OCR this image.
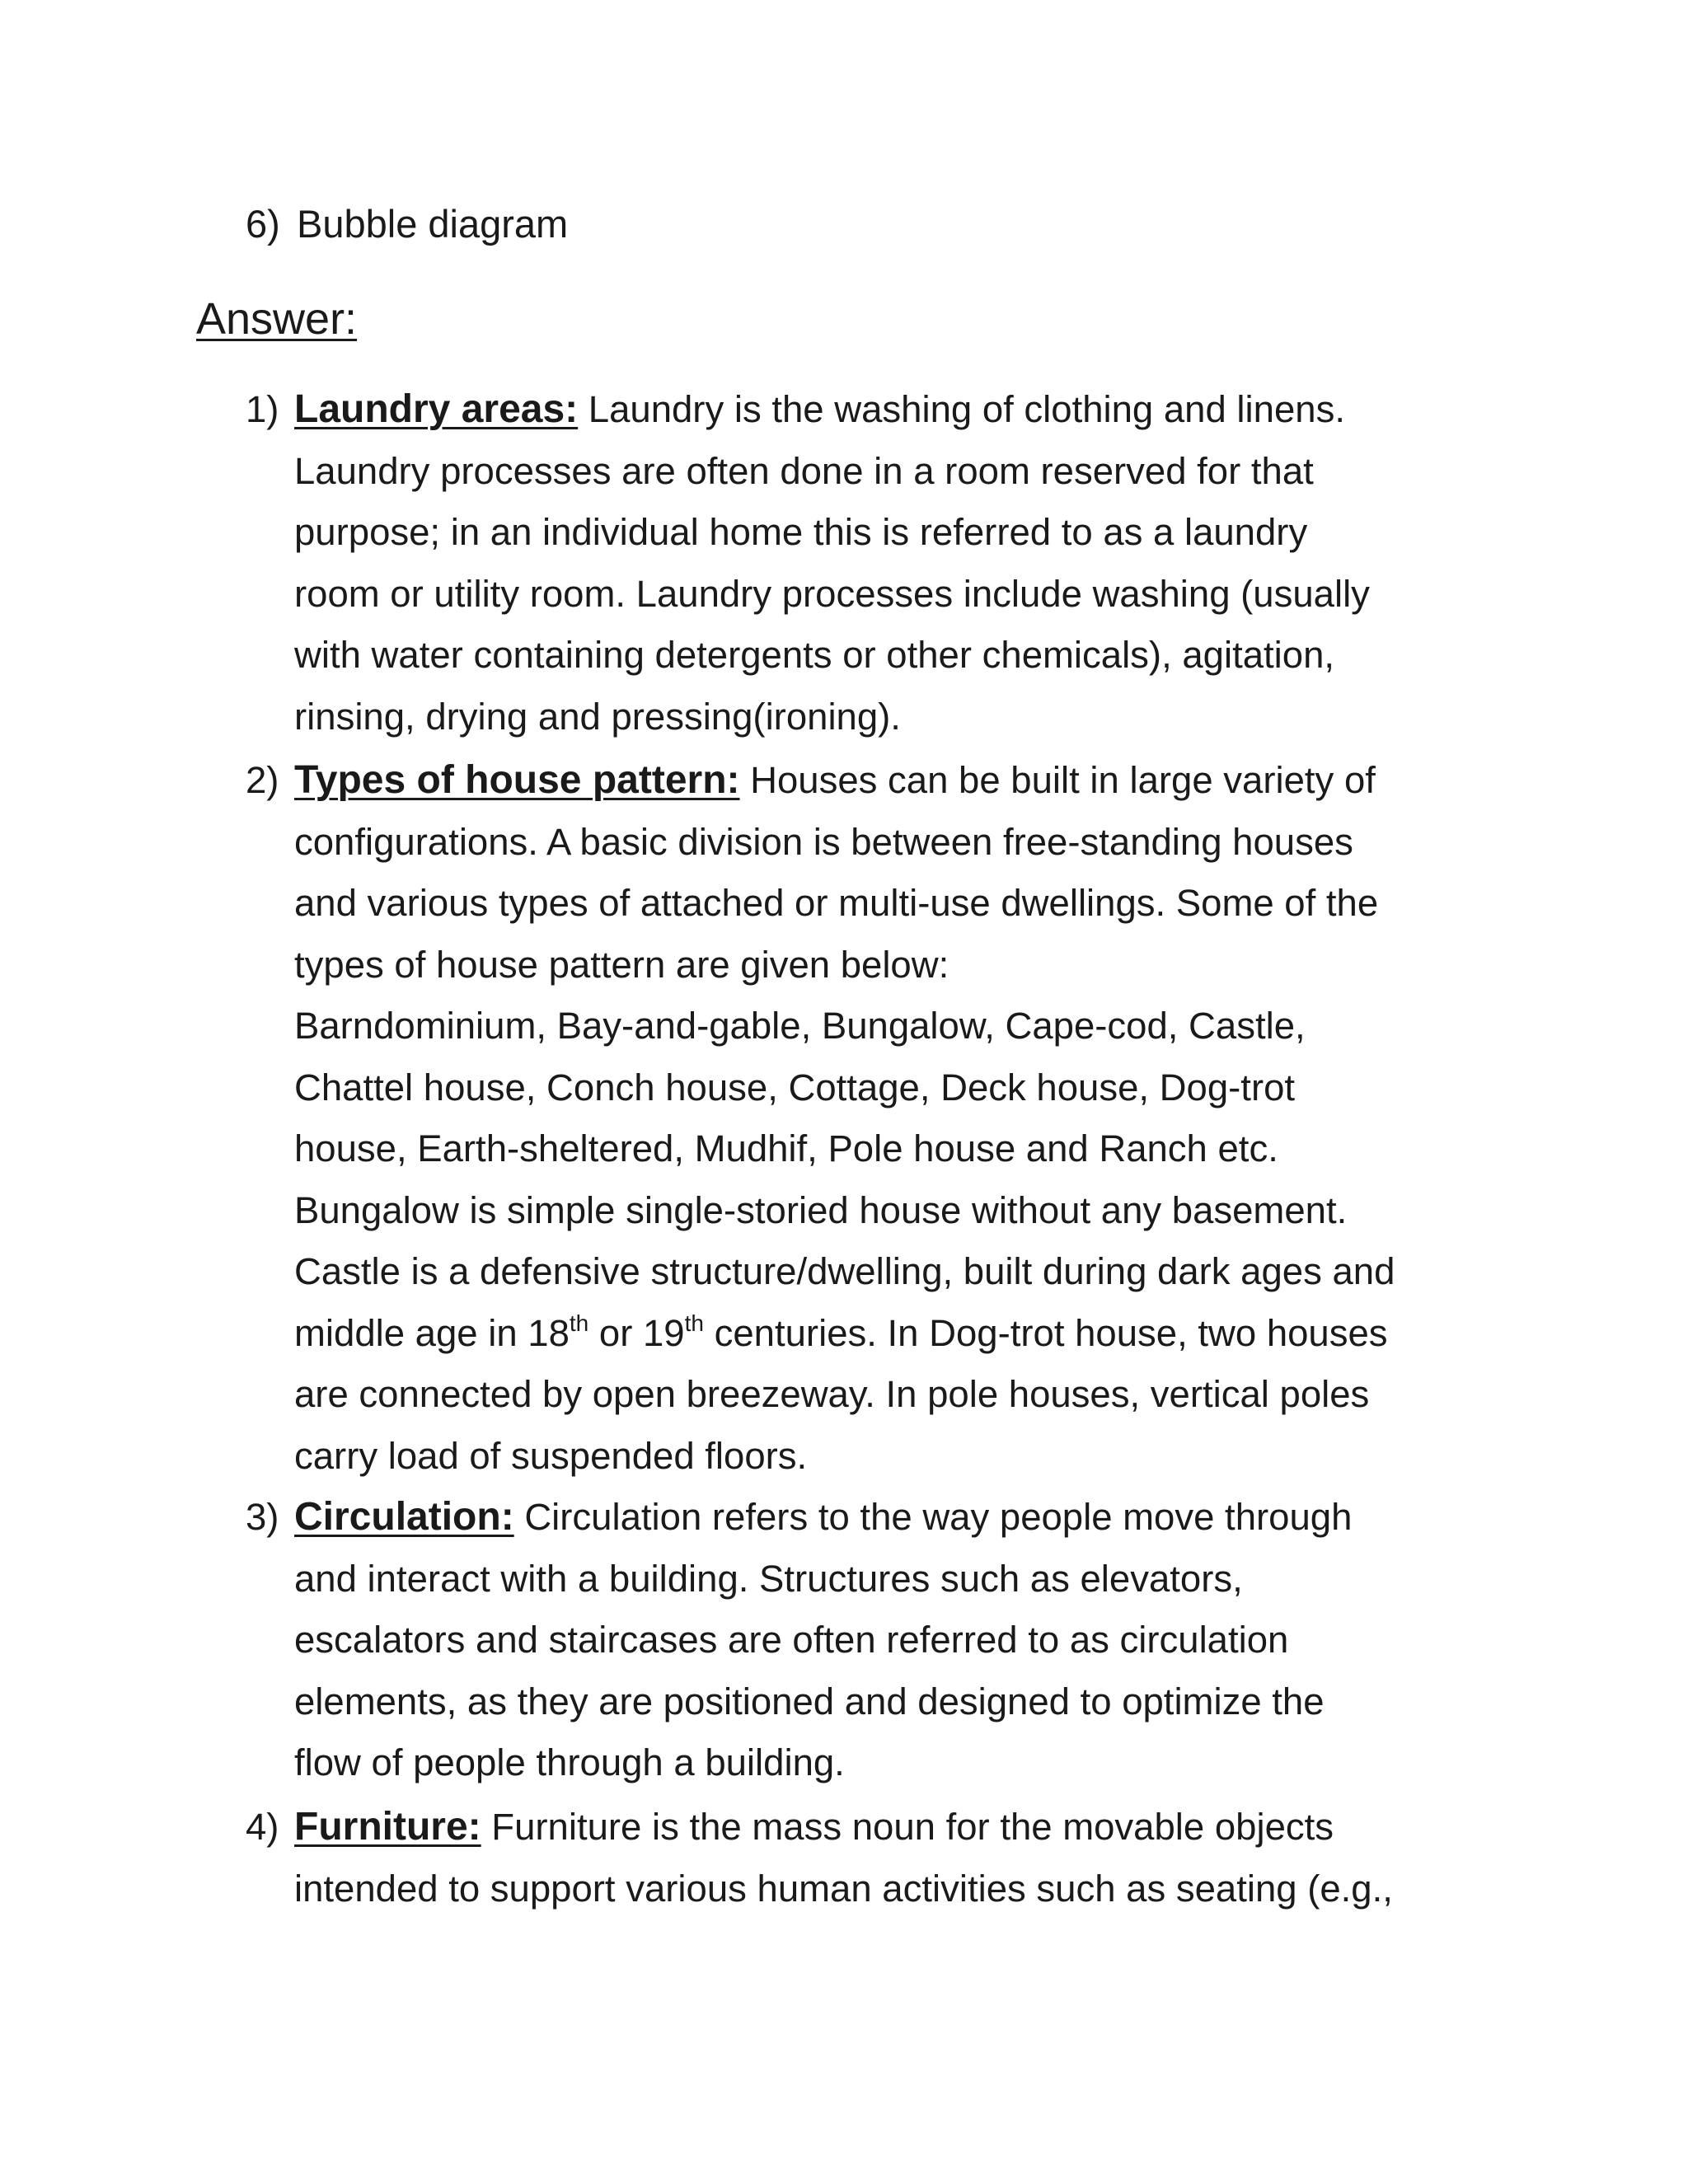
6) Bubble diagram
Answer:
1) Laundry areas: Laundry is the washing of clothing and linens.
Laundry processes are often done in a room reserved for that
purpose; in an individual home this is referred to as a laundry
room or utility room. Laundry processes include washing (usually
with water containing detergents or other chemicals), agitation,
rinsing, drying and pressing(ironing).
2) Types of house pattern: Houses can be built in large variety of
configurations. A basic division is between free-standing houses
and various types of attached or multi-use dwellings. Some of the
types of house pattern are given below:
Barndominium, Bay-and-gable, Bungalow, Cape-cod, Castle,
Chattel house, Conch house, Cottage, Deck house, Dog-trot
house, Earth-sheltered, Mudhif, Pole house and Ranch etc.
Bungalow is simple single-storied house without any basement.
Castle is a defensive structure/dwelling, built during dark ages and
middle age in 18th or 19th centuries. In Dog-trot house, two houses
are connected by open breezeway. In pole houses, vertical poles
carry load of suspended floors.
3) Circulation: Circulation refers to the way people move through
and interact with a building. Structures such as elevators,
escalators and staircases are often referred to as circulation
elements, as they are positioned and designed to optimize the
flow of people through a building.
4) Furniture: Furniture is the mass noun for the movable objects
intended to support various human activities such as seating (e.g.,
